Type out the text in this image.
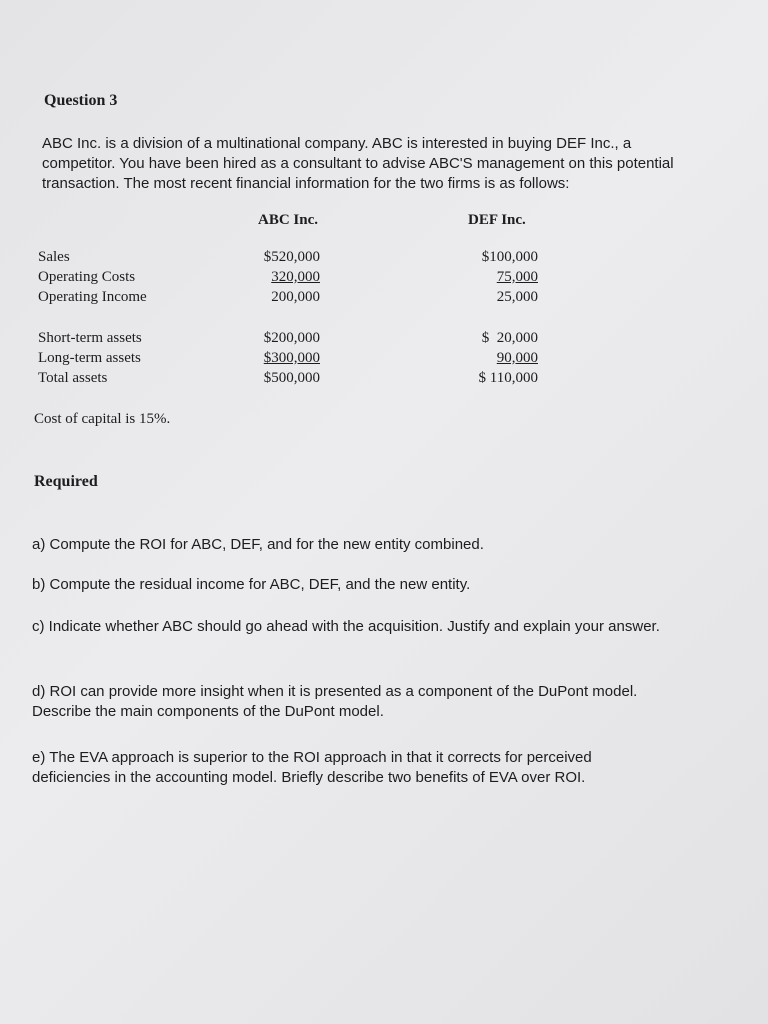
Question 3
ABC Inc. is a division of a multinational company. ABC is interested in buying DEF Inc., a
competitor. You have been hired as a consultant to advise ABC'S management on this potential
transaction. The most recent financial information for the two firms is as follows:
ABC Inc.	DEF Inc.
Sales	$520,000	$100,000
Operating Costs	320,000	75,000
Operating Income	200,000	25,000
Short-term assets	$200,000	$  20,000
Long-term assets	$300,000	90,000
Total assets	$500,000	$ 110,000
Cost of capital is 15%.
Required
a) Compute the ROI for ABC, DEF, and for the new entity combined.
b) Compute the residual income for ABC, DEF, and the new entity.
c) Indicate whether ABC should go ahead with the acquisition. Justify and explain your answer.
d) ROI can provide more insight when it is presented as a component of the DuPont model.
Describe the main components of the DuPont model.
e) The EVA approach is superior to the ROI approach in that it corrects for perceived
deficiencies in the accounting model. Briefly describe two benefits of EVA over ROI.
